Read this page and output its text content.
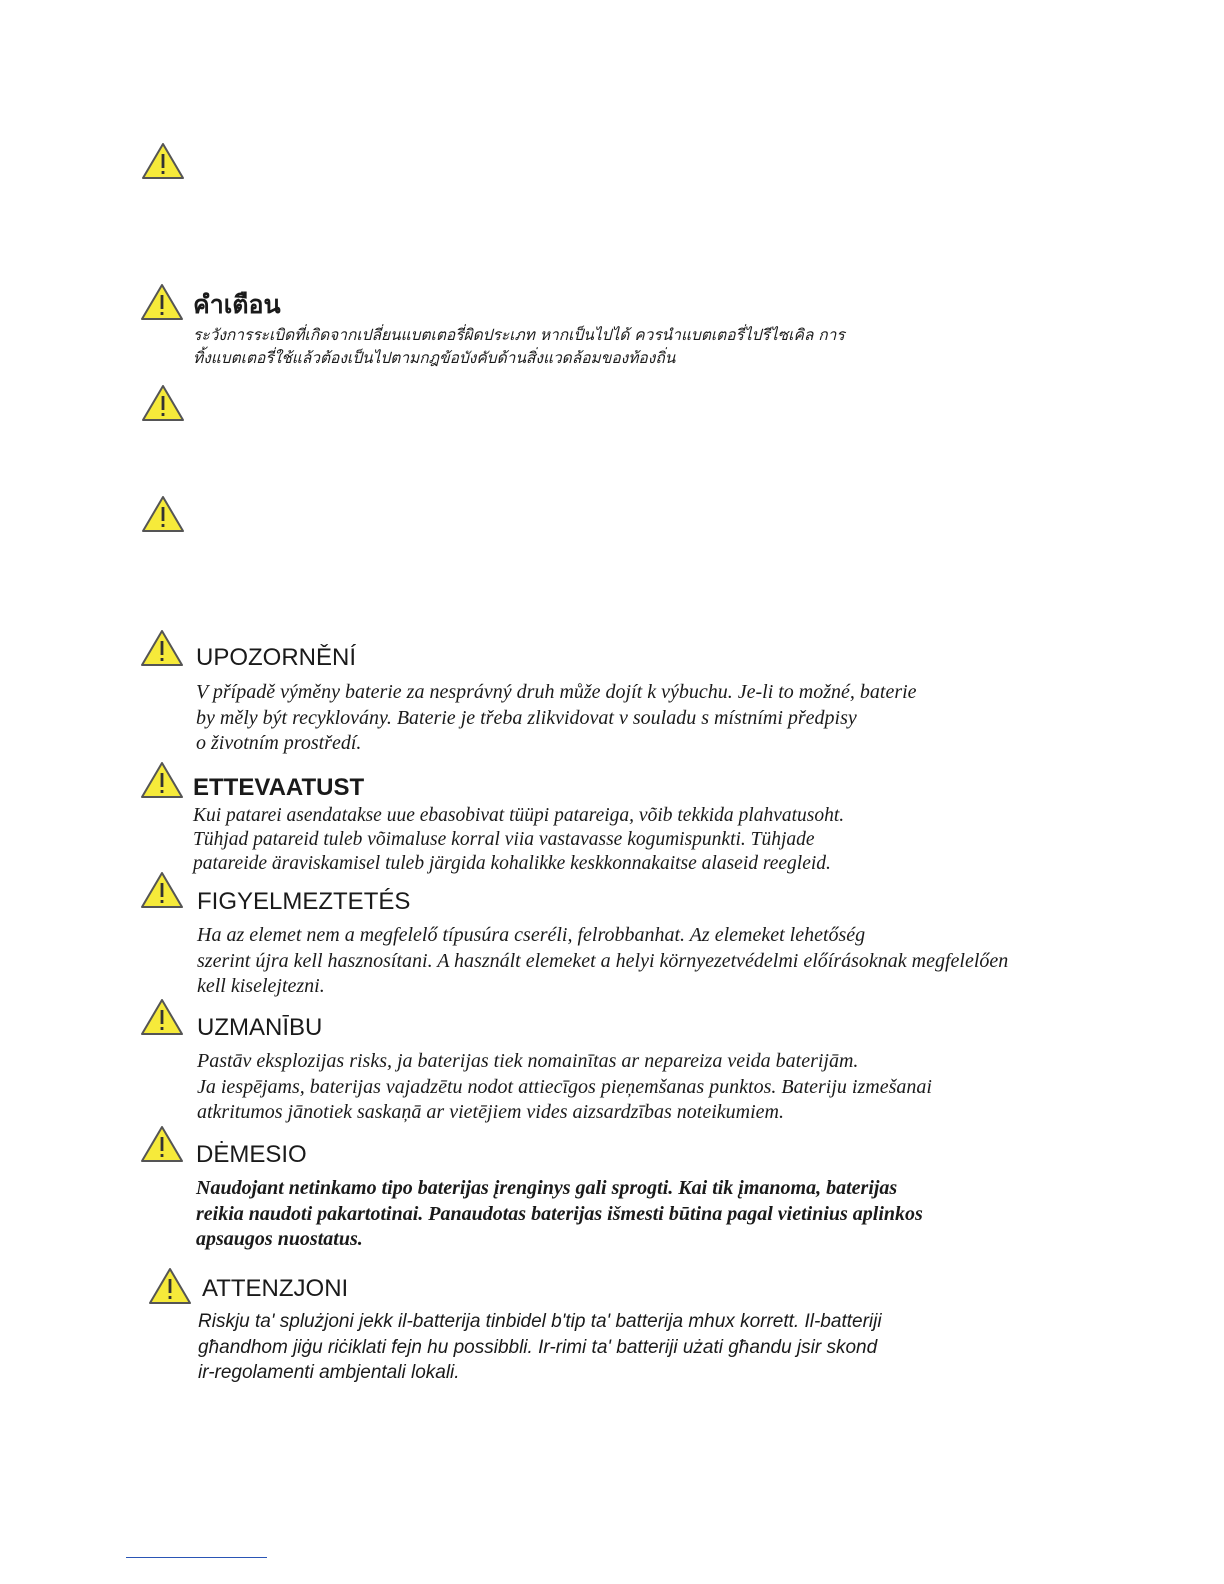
คำเตือน
ระวังการระเบิดที่เกิดจากเปลี่ยนแบตเตอรี่ผิดประเภท หากเป็นไปได้ ควรนำแบตเตอรี่ไปรีไซเคิล การ
ทิ้งแบตเตอรี่ใช้แล้วต้องเป็นไปตามกฎข้อบังคับด้านสิ่งแวดล้อมของท้องถิ่น
UPOZORNĚNÍ
V případě výměny baterie za nesprávný druh může dojít k výbuchu. Je-li to možné, baterie
by měly být recyklovány. Baterie je třeba zlikvidovat v souladu s místními předpisy
o životním prostředí.
ETTEVAATUST
Kui patarei asendatakse uue ebasobivat tüüpi patareiga, võib tekkida plahvatusoht.
Tühjad patareid tuleb võimaluse korral viia vastavasse kogumispunkti. Tühjade
patareide äraviskamisel tuleb järgida kohalikke keskkonnakaitse alaseid reegleid.
FIGYELMEZTETÉS
Ha az elemet nem a megfelelő típusúra cseréli, felrobbanhat. Az elemeket lehetőség
szerint újra kell hasznosítani. A használt elemeket a helyi környezetvédelmi előírásoknak megfelelően
kell kiselejtezni.
UZMANĪBU
Pastāv eksplozijas risks, ja baterijas tiek nomainītas ar nepareiza veida baterijām.
Ja iespējams, baterijas vajadzētu nodot attiecīgos pieņemšanas punktos. Bateriju izmešanai
atkritumos jānotiek saskaņā ar vietējiem vides aizsardzības noteikumiem.
DĖMESIO
Naudojant netinkamo tipo baterijas įrenginys gali sprogti. Kai tik įmanoma, baterijas
reikia naudoti pakartotinai. Panaudotas baterijas išmesti būtina pagal vietinius aplinkos
apsaugos nuostatus.
ATTENZJONI
Riskju ta' splużjoni jekk il-batterija tinbidel b'tip ta' batterija mhux korrett. Il-batteriji
għandhom jiġu riċiklati fejn hu possibbli. Ir-rimi ta' batteriji użati għandu jsir skond
ir-regolamenti ambjentali lokali.
